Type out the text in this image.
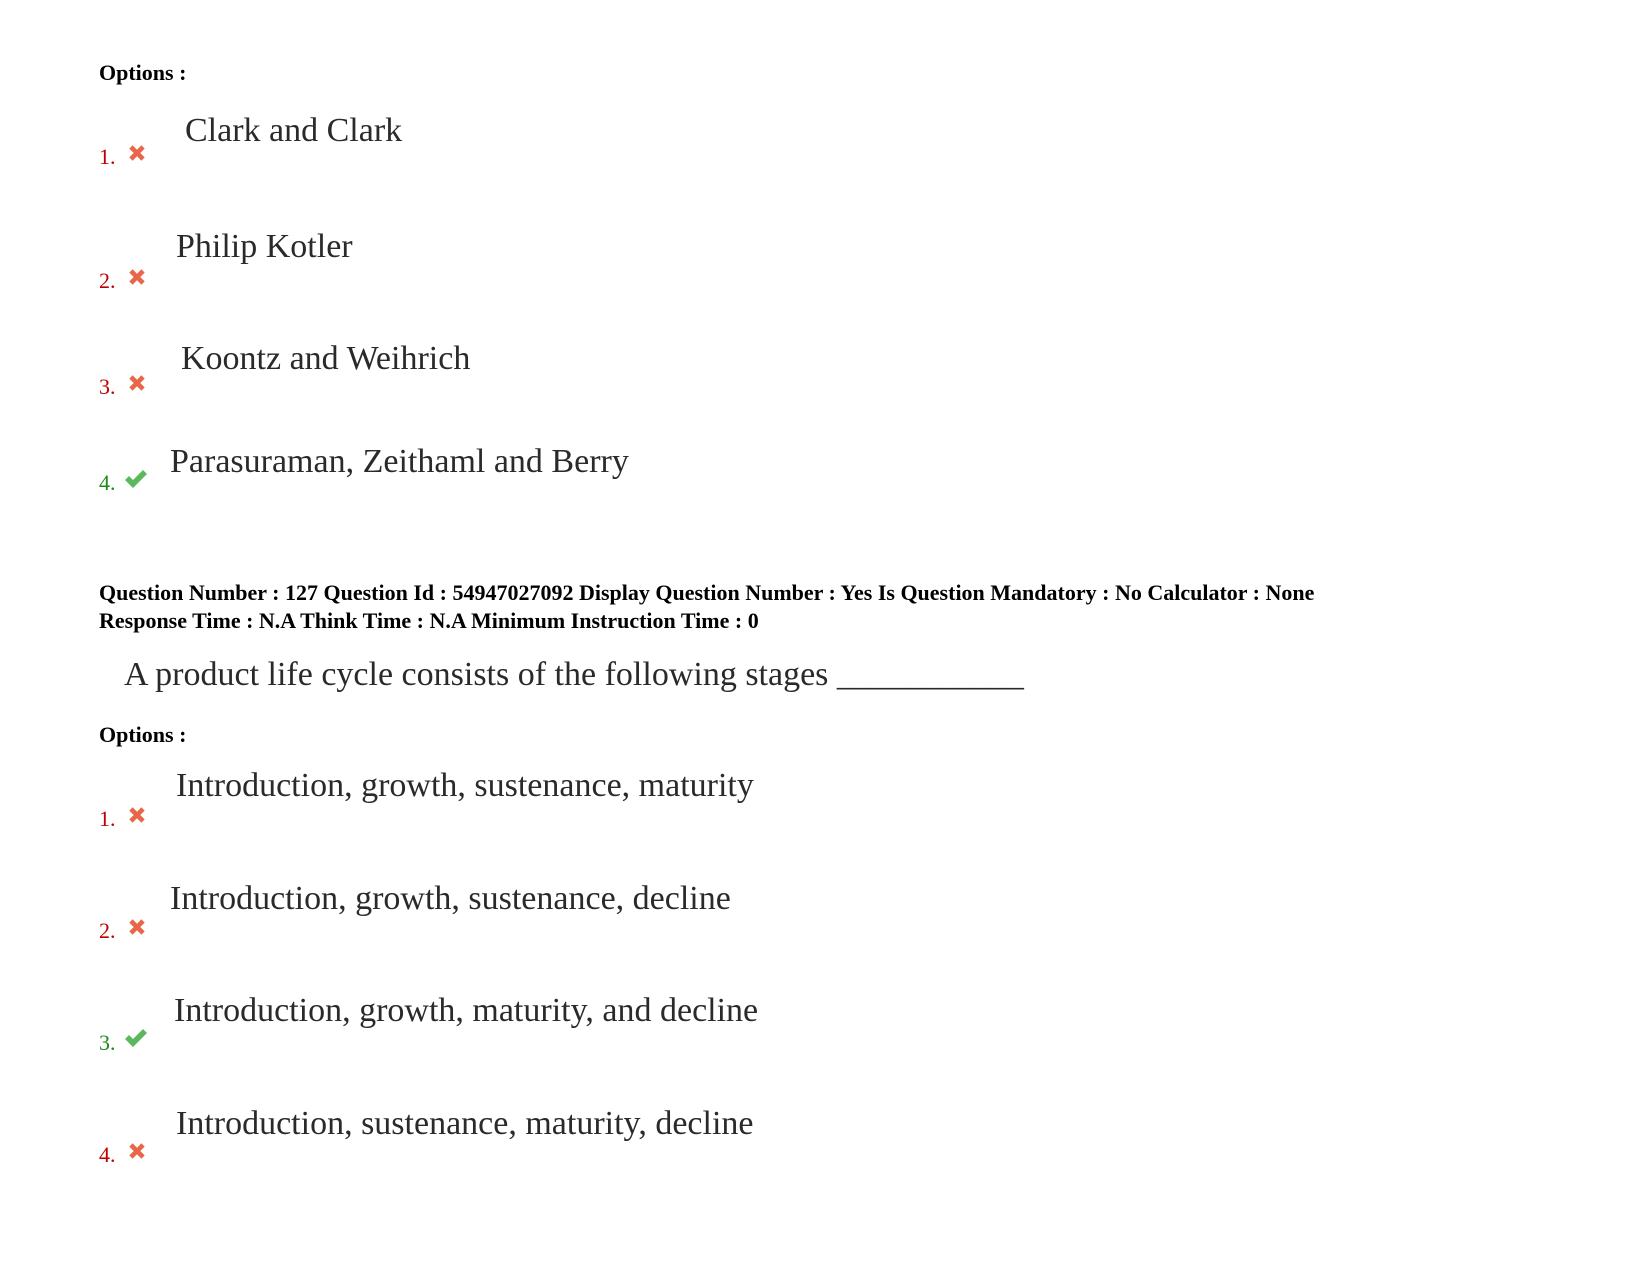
Options :
1.
Clark and Clark
2.
Philip Kotler
3.
Koontz and Weihrich
4.
Parasuraman, Zeithaml and Berry
Question Number : 127 Question Id : 54947027092 Display Question Number : Yes Is Question Mandatory : No Calculator : None
Response Time : N.A Think Time : N.A Minimum Instruction Time : 0
A product life cycle consists of the following stages ___________
Options :
1.
Introduction, growth, sustenance, maturity
2.
Introduction, growth, sustenance, decline
3.
Introduction, growth, maturity, and decline
4.
Introduction, sustenance, maturity, decline
